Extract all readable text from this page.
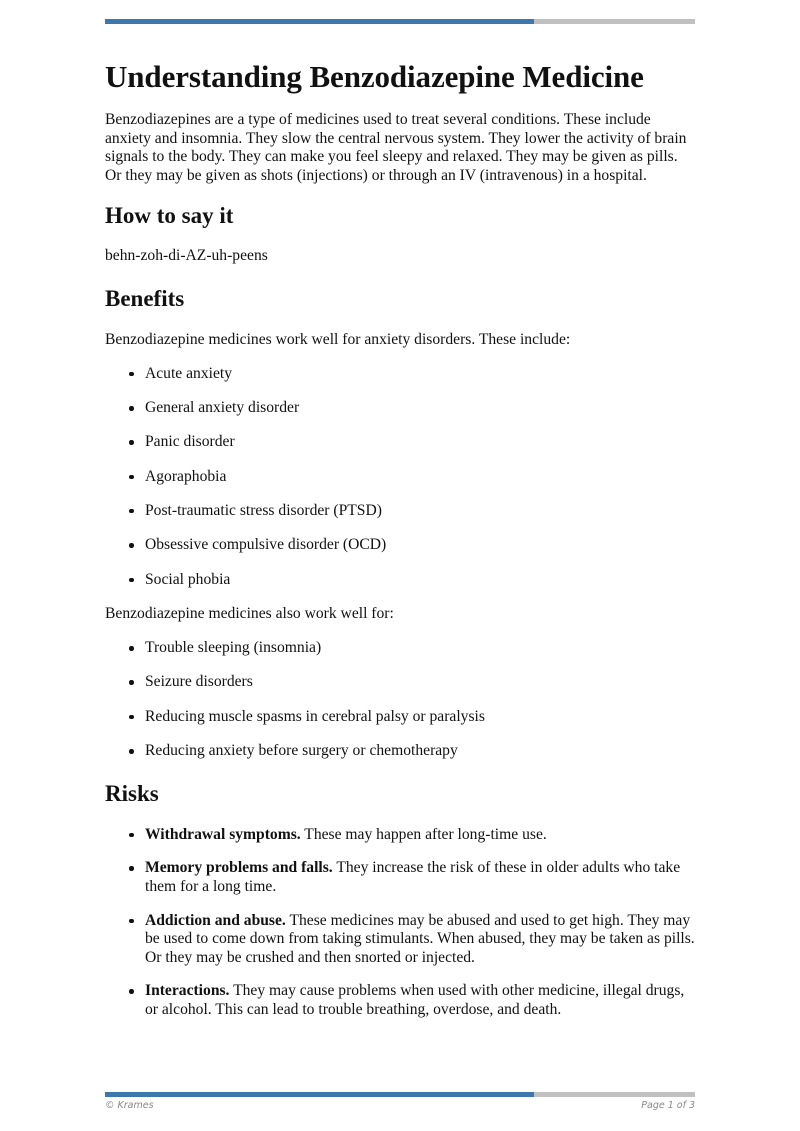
Understanding Benzodiazepine Medicine

Benzodiazepines are a type of medicines used to treat several conditions. These include anxiety and insomnia. They slow the central nervous system. They lower the activity of brain signals to the body. They can make you feel sleepy and relaxed. They may be given as pills. Or they may be given as shots (injections) or through an IV (intravenous) in a hospital.

How to say it

behn-zoh-di-AZ-uh-peens

Benefits

Benzodiazepine medicines work well for anxiety disorders. These include:

Acute anxiety
General anxiety disorder
Panic disorder
Agoraphobia
Post-traumatic stress disorder (PTSD)
Obsessive compulsive disorder (OCD)
Social phobia

Benzodiazepine medicines also work well for:

Trouble sleeping (insomnia)
Seizure disorders
Reducing muscle spasms in cerebral palsy or paralysis
Reducing anxiety before surgery or chemotherapy
Risks
Withdrawal symptoms. These may happen after long-time use.
Memory problems and falls. They increase the risk of these in older adults who take them for a long time.
Addiction and abuse. These medicines may be abused and used to get high. They may be used to come down from taking stimulants. When abused, they may be taken as pills. Or they may be crushed and then snorted or injected.
Interactions. They may cause problems when used with other medicine, illegal drugs, or alcohol. This can lead to trouble breathing, overdose, and death.
© Krames	Page 1 of 3
